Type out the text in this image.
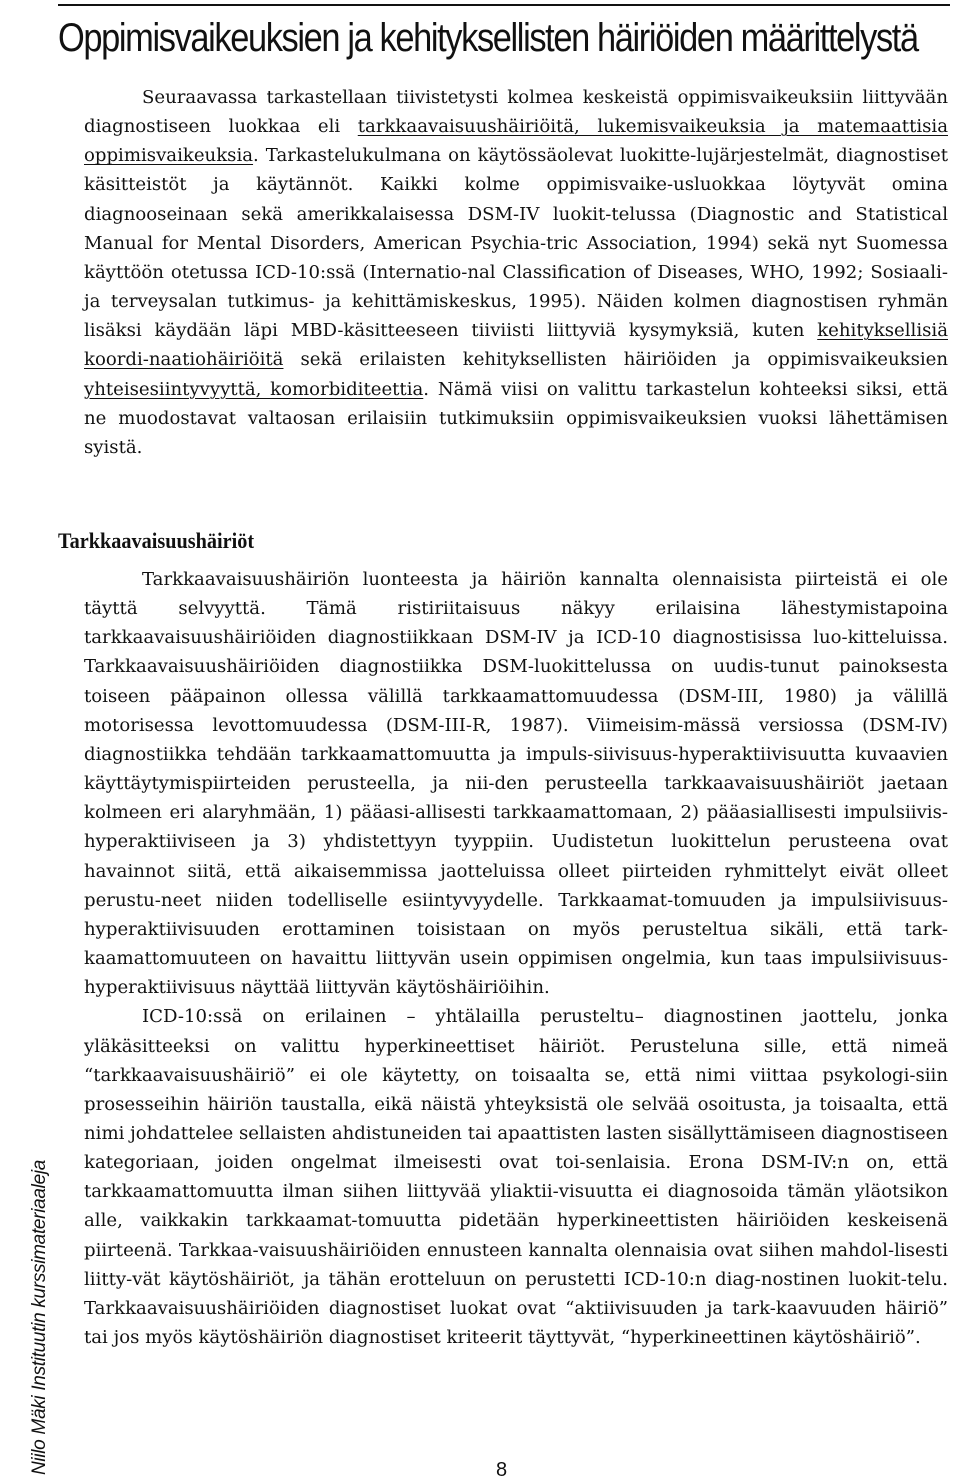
Oppimisvaikeuksien ja kehityksellisten häiriöiden määrittelystä

Seuraavassa tarkastellaan tiivistetysti kolmea keskeistä oppimisvaikeuksiin liittyvään diagnostiseen luokkaa eli tarkkaavaisuushäiriöitä, lukemisvaikeuksia ja matemaattisia oppimisvaikeuksia. Tarkastelukulmana on käytössäolevat luokitte-lujärjestelmät, diagnostiset käsitteistöt ja käytännöt. Kaikki kolme oppimisvaike-usluokkaa löytyvät omina diagnooseinaan sekä amerikkalaisessa DSM-IV luokit-telussa (Diagnostic and Statistical Manual for Mental Disorders, American Psychia-tric Association, 1994) sekä nyt Suomessa käyttöön otetussa ICD-10:ssä (Internatio-nal Classification of Diseases, WHO, 1992; Sosiaali- ja terveysalan tutkimus- ja kehittämiskeskus, 1995). Näiden kolmen diagnostisen ryhmän lisäksi käydään läpi MBD-käsitteeseen tiiviisti liittyviä kysymyksiä, kuten kehityksellisiä koordi-naatiohäiriöitä sekä erilaisten kehityksellisten häiriöiden ja oppimisvaikeuksien yhteisesiintyvyyttä, komorbiditeettia. Nämä viisi on valittu tarkastelun kohteeksi siksi, että ne muodostavat valtaosan erilaisiin tutkimuksiin oppimisvaikeuksien vuoksi lähettämisen syistä.

Tarkkaavaisuushäiriöt

Tarkkaavaisuushäiriön luonteesta ja häiriön kannalta olennaisista piirteistä ei ole täyttä selvyyttä. Tämä ristiriitaisuus näkyy erilaisina lähestymistapoina tarkkaavaisuushäiriöiden diagnostiikkaan DSM-IV ja ICD-10 diagnostisissa luo-kitteluissa. Tarkkaavaisuushäiriöiden diagnostiikka DSM-luokittelussa on uudis-tunut painoksesta toiseen pääpainon ollessa välillä tarkkaamattomuudessa (DSM-III, 1980) ja välillä motorisessa levottomuudessa (DSM-III-R, 1987). Viimeisim-mässä versiossa (DSM-IV) diagnostiikka tehdään tarkkaamattomuutta ja impuls-siivisuus-hyperaktiivisuutta kuvaavien käyttäytymispiirteiden perusteella, ja nii-den perusteella tarkkaavaisuushäiriöt jaetaan kolmeen eri alaryhmään, 1) pääasi-allisesti tarkkaamattomaan, 2) pääasiallisesti impulsiivis-hyperaktiiviseen ja 3) yhdistettyyn tyyppiin. Uudistetun luokittelun perusteena ovat havainnot siitä, että aikaisemmissa jaotteluissa olleet piirteiden ryhmittelyt eivät olleet perustu-neet niiden todelliselle esiintyvyydelle. Tarkkaamat-tomuuden ja impulsiivisuus-hyperaktiivisuuden erottaminen toisistaan on myös perusteltua sikäli, että tark-kaamattomuuteen on havaittu liittyvän usein oppimisen ongelmia, kun taas impulsiivisuus-hyperaktiivisuus näyttää liittyvän käytöshäiriöihin.

ICD-10:ssä on erilainen – yhtälailla perusteltu– diagnostinen jaottelu, jonka yläkäsitteeksi on valittu hyperkineettiset häiriöt. Perusteluna sille, että nimeä “tarkkaavaisuushäiriö” ei ole käytetty, on toisaalta se, että nimi viittaa psykologi-siin prosesseihin häiriön taustalla, eikä näistä yhteyksistä ole selvää osoitusta, ja toisaalta, että nimi johdattelee sellaisten ahdistuneiden tai apaattisten lasten sisällyttämiseen diagnostiseen kategoriaan, joiden ongelmat ilmeisesti ovat toi-senlaisia. Erona DSM-IV:n on, että tarkkaamattomuutta ilman siihen liittyvää yliaktii-visuutta ei diagnosoida tämän yläotsikon alle, vaikkakin tarkkaamat-tomuutta pidetään hyperkineettisten häiriöiden keskeisenä piirteenä. Tarkkaa-vaisuushäiriöiden ennusteen kannalta olennaisia ovat siihen mahdol-lisesti liitty-vät käytöshäiriöt, ja tähän erotteluun on perustetti ICD-10:n diag-nostinen luokit-telu. Tarkkaavaisuushäiriöiden diagnostiset luokat ovat “aktiivisuuden ja tark-kaavuuden häiriö” tai jos myös käytöshäiriön diagnostiset kriteerit täyttyvät, “hyperkineettinen käytöshäiriö”.

Niilo Mäki Instituutin kurssimateriaaleja	8
